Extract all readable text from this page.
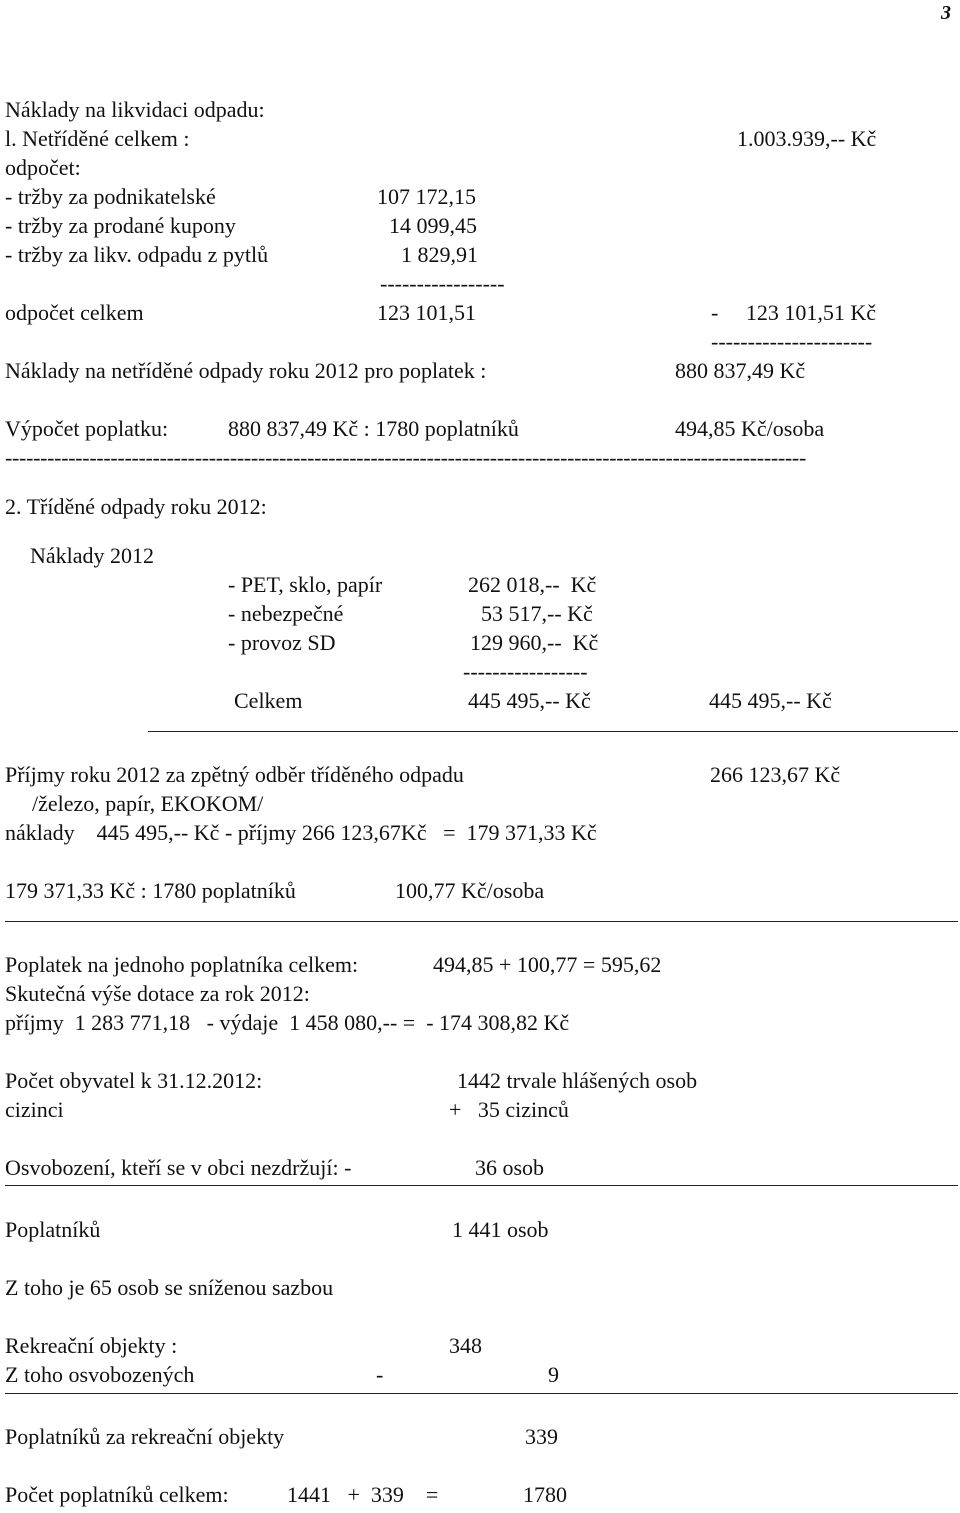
3
Náklady na likvidaci odpadu:
l. Netříděné celkem :	1.003.939,-- Kč
odpočet:
- tržby za podnikatelské	107 172,15
- tržby za prodané kupony	14 099,45
- tržby za likv. odpadu z pytlů	1 829,91
-----------------
odpočet celkem	123 101,51	-     123 101,51 Kč
----------------------
Náklady na netříděné odpady roku 2012 pro poplatek :	880 837,49 Kč
Výpočet poplatku:	880 837,49 Kč : 1780 poplatníků	494,85 Kč/osoba
------------------------------------------------------------------------------------------------------------------
2. Tříděné odpady roku 2012:
Náklady 2012
- PET, sklo, papír	262 018,--  Kč
- nebezpečné	53 517,-- Kč
- provoz SD	129 960,--  Kč
-----------------
Celkem	445 495,-- Kč	445 495,-- Kč
Příjmy roku 2012 za zpětný odběr tříděného odpadu	266 123,67 Kč
/železo, papír, EKOKOM/
náklady    445 495,-- Kč - příjmy 266 123,67Kč   =  179 371,33 Kč
179 371,33 Kč : 1780 poplatníků	100,77 Kč/osoba
Poplatek na jednoho poplatníka celkem:	494,85 + 100,77 = 595,62
Skutečná výše dotace za rok 2012:
příjmy  1 283 771,18   - výdaje  1 458 080,-- =  - 174 308,82 Kč
Počet obyvatel k 31.12.2012:	1442 trvale hlášených osob
cizinci	+   35 cizinců
Osvobození, kteří se v obci nezdržují: -	36 osob
Poplatníků	1 441 osob
Z toho je 65 osob se sníženou sazbou
Rekreační objekty :	348
Z toho osvobozených	-	9
Poplatníků za rekreační objekty	339
Počet poplatníků celkem:	1441   +  339    =	1780
